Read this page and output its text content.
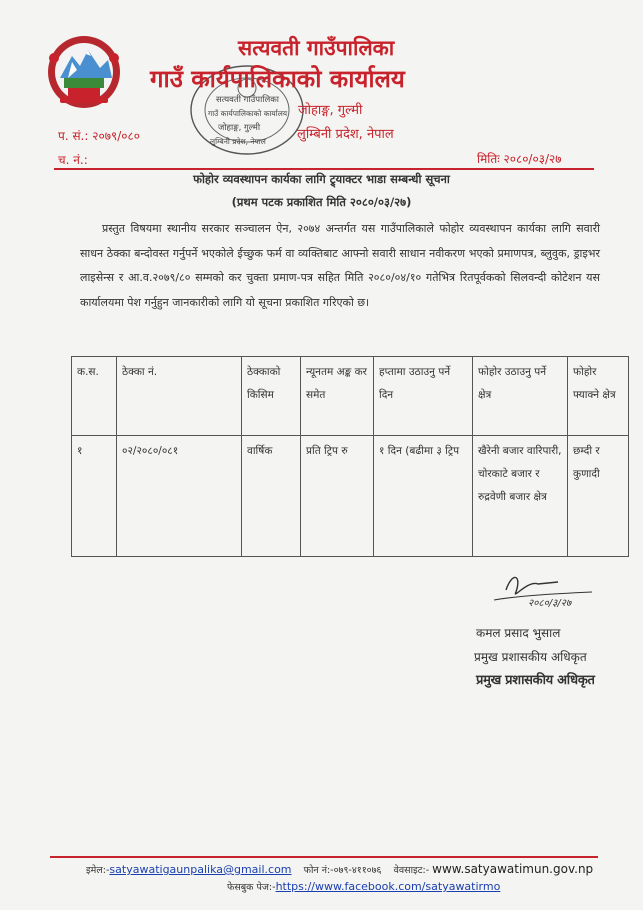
सत्यवती गाउँपालिका
गाउँ कार्यपालिकाको कार्यालय
जोहाङ्ग, गुल्मी
लुम्बिनी प्रदेश, नेपाल
सत्यवती गाउँपालिका
गाउँ कार्यपालिकाको कार्यालय
जोहाङ्ग, गुल्मी
लुम्बिनी प्रदेश, नेपाल
प. सं.: २०७९/०८०
च. नं.:	मितिः २०८०/०३/२७
फोहोर व्यवस्थापन कार्यका लागि ट्र्याक्टर भाडा सम्बन्धी सूचना
(प्रथम पटक प्रकाशित मिति २०८०/०३/२७)
प्रस्तुत विषयमा स्थानीय सरकार सञ्चालन ऐन, २०७४ अन्तर्गत यस गाउँपालिकाले फोहोर व्यवस्थापन कार्यका लागि सवारी साधन ठेक्का बन्दोवस्त गर्नुपर्ने भएकोले ईच्छुक फर्म वा व्यक्तिबाट आफ्नो सवारी साधान नवीकरण भएको प्रमाणपत्र, ब्लुवुक, ड्राइभर लाइसेन्स र आ.व.२०७९/८० सम्मको कर चुक्ता प्रमाण-पत्र सहित मिति २०८०/०४/१० गतेभित्र रितपूर्वकको सिलवन्दी कोटेशन यस कार्यालयमा पेश गर्नुहुन जानकारीको लागि यो सूचना प्रकाशित गरिएको छ।
क.स.	ठेक्का नं.	ठेक्काको किसिम	न्यूनतम अङ्क कर समेत	हप्तामा उठाउनु पर्ने दिन	फोहोर उठाउनु पर्ने क्षेत्र	फोहोर फ्याक्ने क्षेत्र
१	०२/२०८०/०८१	वार्षिक	प्रति ट्रिप रु	१ दिन (बढीमा ३ ट्रिप	खैरेनी बजार वारिपारी, चोरकाटे बजार र रुद्रवेणी बजार क्षेत्र	छम्दी र कुणादी
२०८०/३/२७
कमल प्रसाद भुसाल
प्रमुख प्रशासकीय अधिकृत
प्रमुख प्रशासकीय अधिकृत
इमेल:-satyawatigaunpalika@gmail.com फोन नं:-०७९-४११०७६ वेवसाइट:- www.satyawatimun.gov.np
फेसबुक पेज:-https://www.facebook.com/satyawatirmo
